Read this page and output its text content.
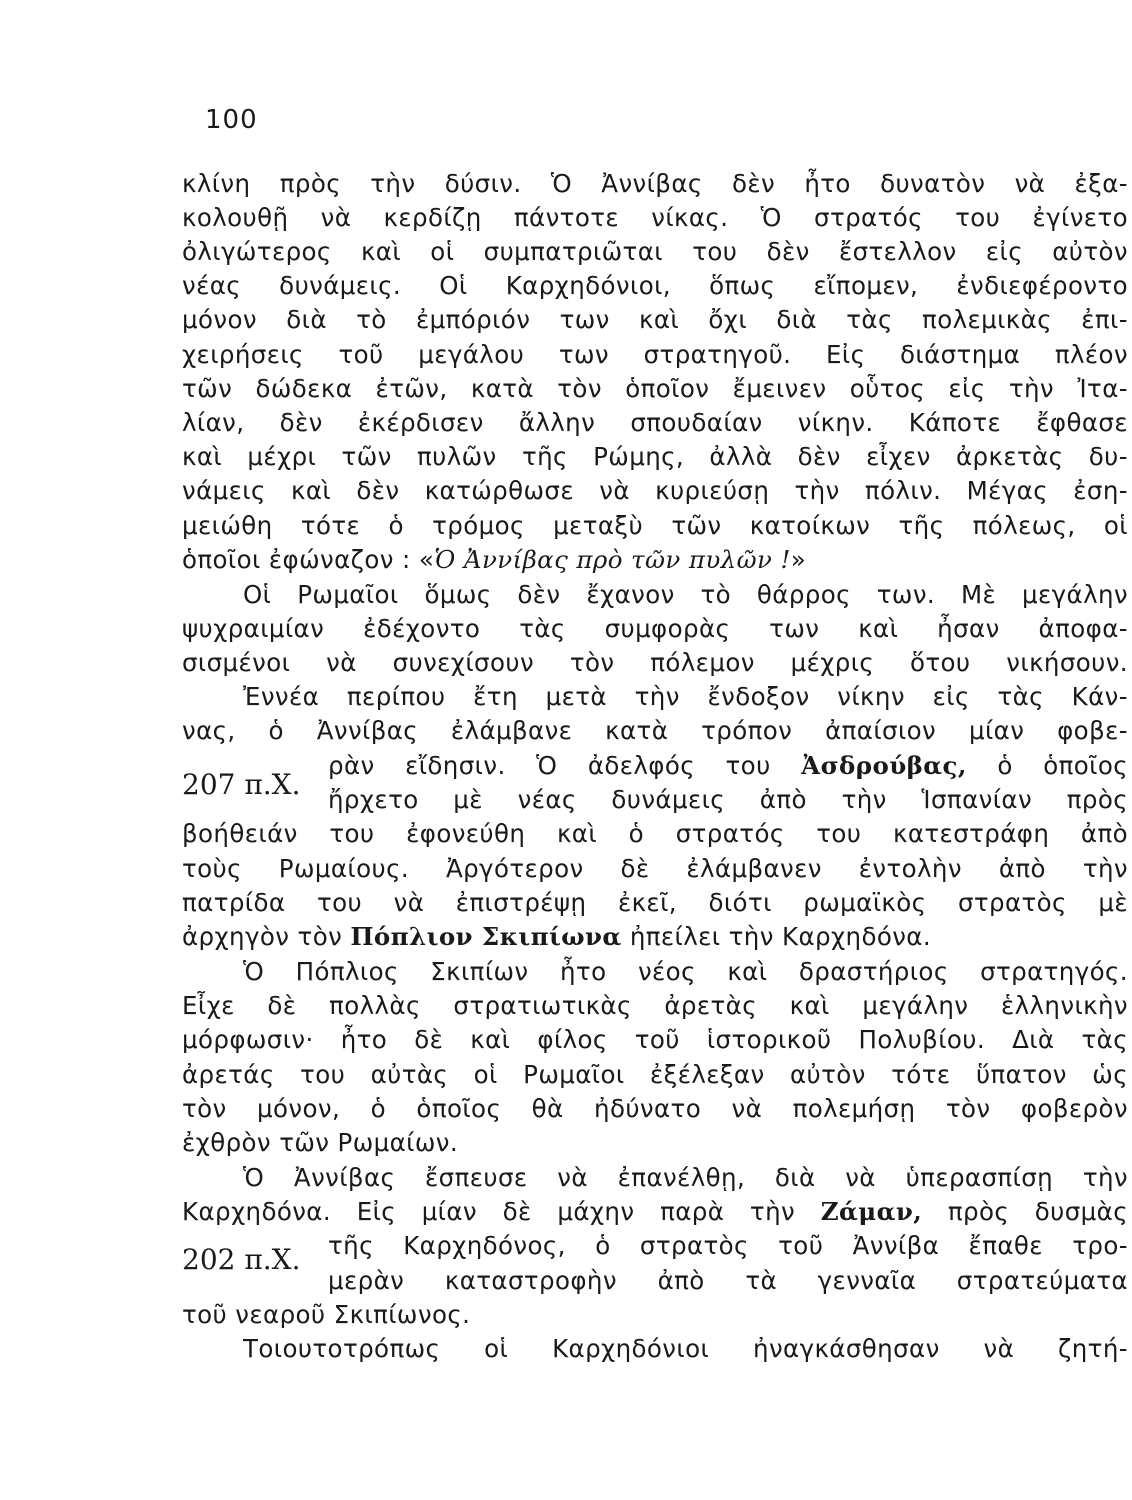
100
κλίνη πρὸς τὴν δύσιν. Ὁ Ἀννίβας δὲν ἦτο δυνατὸν νὰ ἐξα-
κολουθῇ νὰ κερδίζῃ πάντοτε νίκας. Ὁ στρατός του ἐγίνετο
ὀλιγώτερος καὶ οἱ συμπατριῶται του δὲν ἔστελλον εἰς αὐτὸν
νέας δυνάμεις. Οἱ Καρχηδόνιοι, ὅπως εἴπομεν, ἐνδιεφέροντο
μόνον διὰ τὸ ἐμπόριόν των καὶ ὄχι διὰ τὰς πολεμικὰς ἐπι-
χειρήσεις τοῦ μεγάλου των στρατηγοῦ. Εἰς διάστημα πλέον
τῶν δώδεκα ἐτῶν, κατὰ τὸν ὁποῖον ἔμεινεν οὗτος εἰς τὴν Ἰτα-
λίαν, δὲν ἐκέρδισεν ἄλλην σπουδαίαν νίκην. Κάποτε ἔφθασε
καὶ μέχρι τῶν πυλῶν τῆς Ρώμης, ἀλλὰ δὲν εἶχεν ἀρκετὰς δυ-
νάμεις καὶ δὲν κατώρθωσε νὰ κυριεύσῃ τὴν πόλιν. Μέγας ἐση-
μειώθη τότε ὁ τρόμος μεταξὺ τῶν κατοίκων τῆς πόλεως, οἱ
ὁποῖοι ἐφώναζον : «Ὁ Ἀννίβας πρὸ τῶν πυλῶν !»
Οἱ Ρωμαῖοι ὅμως δὲν ἔχανον τὸ θάρρος των. Μὲ μεγάλην
ψυχραιμίαν ἐδέχοντο τὰς συμφορὰς των καὶ ἦσαν ἀποφα-
σισμένοι νὰ συνεχίσουν τὸν πόλεμον μέχρις ὅτου νικήσουν.
Ἐννέα περίπου ἔτη μετὰ τὴν ἔνδοξον νίκην εἰς τὰς Κάν-
νας, ὁ Ἀννίβας ἐλάμβανε κατὰ τρόπον ἀπαίσιον μίαν φοβε-
207 π.Χ.
ρὰν εἴδησιν. Ὁ ἀδελφός του Ἀσδρούβας, ὁ ὁποῖος
ἤρχετο μὲ νέας δυνάμεις ἀπὸ τὴν Ἱσπανίαν πρὸς
βοήθειάν του ἐφονεύθη καὶ ὁ στρατός του κατεστράφη ἀπὸ
τοὺς Ρωμαίους. Ἀργότερον δὲ ἐλάμβανεν ἐντολὴν ἀπὸ τὴν
πατρίδα του νὰ ἐπιστρέψῃ ἐκεῖ, διότι ρωμαϊκὸς στρατὸς μὲ
ἀρχηγὸν τὸν Πόπλιον Σκιπίωνα ἠπείλει τὴν Καρχηδόνα.
Ὁ Πόπλιος Σκιπίων ἦτο νέος καὶ δραστήριος στρατηγός.
Εἶχε δὲ πολλὰς στρατιωτικὰς ἀρετὰς καὶ μεγάλην ἑλληνικὴν
μόρφωσιν· ἦτο δὲ καὶ φίλος τοῦ ἱστορικοῦ Πολυβίου. Διὰ τὰς
ἀρετάς του αὐτὰς οἱ Ρωμαῖοι ἐξέλεξαν αὐτὸν τότε ὕπατον ὡς
τὸν μόνον, ὁ ὁποῖος θὰ ἠδύνατο νὰ πολεμήσῃ τὸν φοβερὸν
ἐχθρὸν τῶν Ρωμαίων.
Ὁ Ἀννίβας ἔσπευσε νὰ ἐπανέλθῃ, διὰ νὰ ὑπερασπίσῃ τὴν
Καρχηδόνα. Εἰς μίαν δὲ μάχην παρὰ τὴν Ζάμαν, πρὸς δυσμὰς
202 π.Χ. τῆς Καρχηδόνος, ὁ στρατὸς τοῦ Ἀννίβα ἔπαθε τρο-
μερὰν καταστροφὴν ἀπὸ τὰ γενναῖα στρατεύματα
τοῦ νεαροῦ Σκιπίωνος.
Τοιουτοτρόπως οἱ Καρχηδόνιοι ἠναγκάσθησαν νὰ ζητή-
